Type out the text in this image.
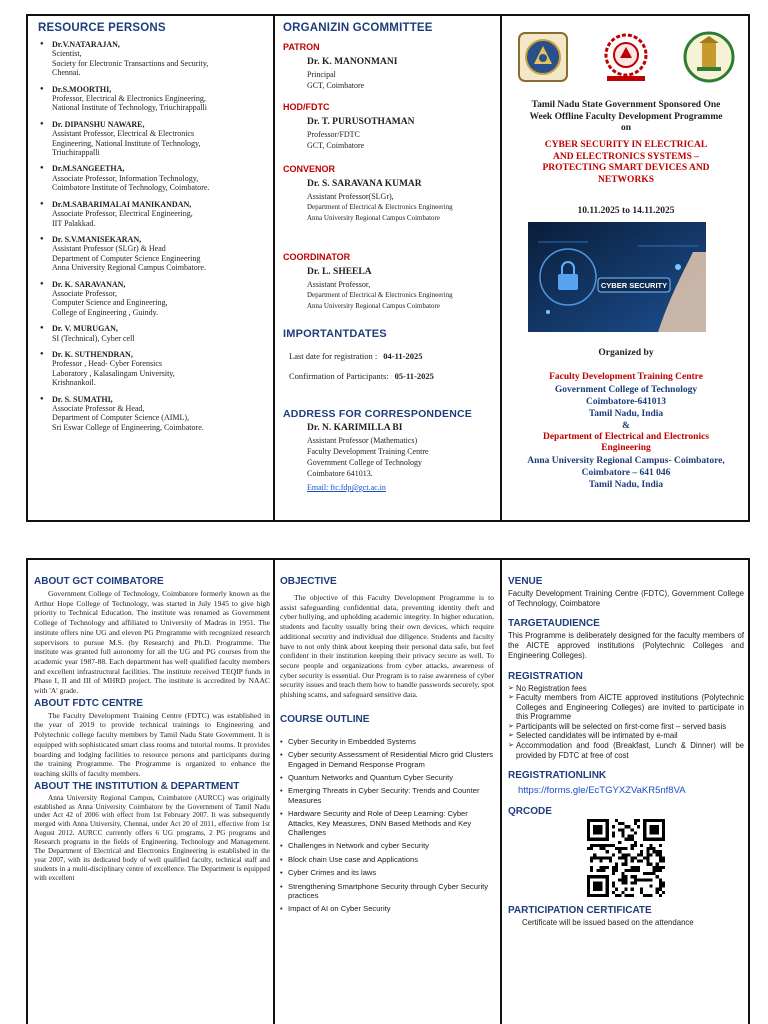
RESOURCE PERSONS
● Dr.V.NATARAJAN,
Scientist,
Society for Electronic Transactions and Security,
Chennai.
● Dr.S.MOORTHI,
Professor, Electrical & Electronics Engineering,
National Institute of Technology, Triuchirappalli
● Dr. DIPANSHU NAWARE,
Assistant Professor, Electrical & Electronics
Engineering, National Institute of Technology,
Triuchirappalli
● Dr.M.SANGEETHA,
Associate Professor, Information Technology,
Coimbatore Institute of Technology, Coimbatore.
● Dr.M.SABARIMALAI MANIKANDAN,
Associate Professor, Electrical Engineering,
IIT Palakkad.
● Dr. S.V.MANISEKARAN,
Assistant Professor (SLGr) & Head
Department of Computer Science Engineering
Anna University Regional Campus Coimbatore.
● Dr. K. SARAVANAN,
Associate Professor,
Computer Science and Engineering,
College of Engineering , Guindy.
● Dr. V. MURUGAN,
SI (Technical), Cyber cell
● Dr. K. SUTHENDRAN,
Professor , Head- Cyber Forensics
Laboratory , Kalasalingam University,
Krishnankoil.
● Dr. S. SUMATHI,
Associate Professor & Head,
Department of Computer Science (AIML),
Sri Eswar College of Engineering, Coimbatore.
ORGANIZIN GCOMMITTEE
PATRON
Dr. K. MANONMANI
Principal
GCT, Coimbatore
HOD/FDTC
Dr. T. PURUSOTHAMAN
Professor/FDTC
GCT, Coimbatore
CONVENOR
Dr. S. SARAVANA KUMAR
Assistant Professor(SLGr),
Department of Electrical & Electronics Engineering
Anna University Regional Campus Coimbatore
COORDINATOR
Dr. L. SHEELA
Assistant Professor,
Department of Electrical & Electronics Engineering
Anna University Regional Campus Coimbatore
IMPORTANTDATES
Last date for registration : 04-11-2025
Confirmation of Participants: 05-11-2025
ADDRESS FOR CORRESPONDENCE
Dr. N. KARIMILLA BI
Assistant Professor (Mathematics)
Faculty Development Training Centre
Government College of Technology
Coimbatore 641013.
Email: ftc.fdp@gct.ac.in
Tamil Nadu State Government Sponsored One
Week Offline Faculty Development Programme
on
CYBER SECURITY IN ELECTRICAL
AND ELECTRONICS SYSTEMS –
PROTECTING SMART DEVICES AND
NETWORKS
10.11.2025 to 14.11.2025
CYBER SECURITY
Organized by
Faculty Development Training Centre
Government College of Technology
Coimbatore-641013
Tamil Nadu, India
&
Department of Electrical and Electronics
Engineering
Anna University Regional Campus- Coimbatore,
Coimbatore – 641 046
Tamil Nadu, India
ABOUT GCT COIMBATORE

Government College of Technology, Coimbatore formerly known as the Arthur Hope College of Technology, was started in July 1945 to give high priority to Technical Education. The institute was renamed as Government College of Technology and affiliated to University of Madras in 1951. The institute offers nine UG and eleven PG Programme with recognized research supervisors to pursue M.S. (by Research) and Ph.D. Programme. The institute was granted full autonomy for all the UG and PG courses from the academic year 1987-88. Each department has well qualified faculty members and excellent infrastructural facilities. The institute received TEQIP funds in Phase I, II and III of MHRD project. The institute is accredited by NAAC with 'A' grade.

ABOUT FDTC CENTRE

The Faculty Development Training Centre (FDTC) was established in the year of 2019 to provide technical trainings to Engineering and Polytechnic college faculty members by Tamil Nadu State Government. It is equipped with sophisticated smart class rooms and tutorial rooms. It provides boarding and lodging facilities to resource persons and participants during the training Programme. The Programme is organized to enhance the teaching skills of faculty members.

ABOUT THE INSTITUTION & DEPARTMENT

Anna University Regional Campus, Coimbatore (AURCC) was originally established as Anna University Coimbatore by the Government of Tamil Nadu under Act 42 of 2006 with effect from 1st February 2007. It was subsequently merged with Anna University, Chennai, under Act 20 of 2011, effective from 1st August 2012. AURCC currently offers 6 UG programs, 2 PG programs and Research programs in the fields of Engineering, Technology and Management. The Department of Electrical and Electronics Engineering is established in the year 2007, with its dedicated body of well qualified faculty, technical staff and students in a multi-disciplinary centre of excellence. The Department is equipped with excellent

OBJECTIVE

The objective of this Faculty Development Programme is to assist safeguarding confidential data, preventing identity theft and cyber bullying, and upholding academic integrity. In higher education, students and faculty usually bring their own devices, which require additional security and individual due diligence. Students and faculty have to not only think about keeping their personal data safe, but feel confident in their institution keeping their privacy secure as well. To secure people and organizations from cyber attacks, awareness of cyber security is essential. Our Program is to raise awareness of cyber security issues and teach them how to handle passwords securely, spot phishing scams, and safeguard sensitive data.

COURSE OUTLINE
• Cyber Security in Embedded Systems
• Cyber security Assessment of Residential Micro grid Clusters Engaged in Demand Response Program
• Quantum Networks and Quantum Cyber Security
• Emerging Threats in Cyber Security: Trends and Counter Measures
• Hardware Security and Role of Deep Learning: Cyber Attacks, Key Measures, DNN Based Methods and Key Challenges
• Challenges in Network and cyber Security
• Block chain Use case and Applications
• Cyber Crimes and its laws
• Strengthening Smartphone Security through Cyber Security practices
• Impact of AI on Cyber Security
VENUE

Faculty Development Training Centre (FDTC), Government College of Technology, Coimbatore

TARGETAUDIENCE

This Programme is deliberately designed for the faculty members of the AICTE approved institutions (Polytechnic Colleges and Engineering Colleges).

REGISTRATION
➢ No Registration fees
➢ Faculty members from AICTE approved institutions (Polytechnic Colleges and Engineering Colleges) are invited to participate in this Programme
➢ Participants will be selected on first-come first – served basis
➢ Selected candidates will be intimated by e-mail
➢ Accommodation and food (Breakfast, Lunch & Dinner) will be provided by FDTC at free of cost
REGISTRATIONLINK
https://forms.gle/EcTGYXZVaKR5nf8VA
QRCODE
PARTICIPATION CERTIFICATE

Certificate will be issued based on the attendance
